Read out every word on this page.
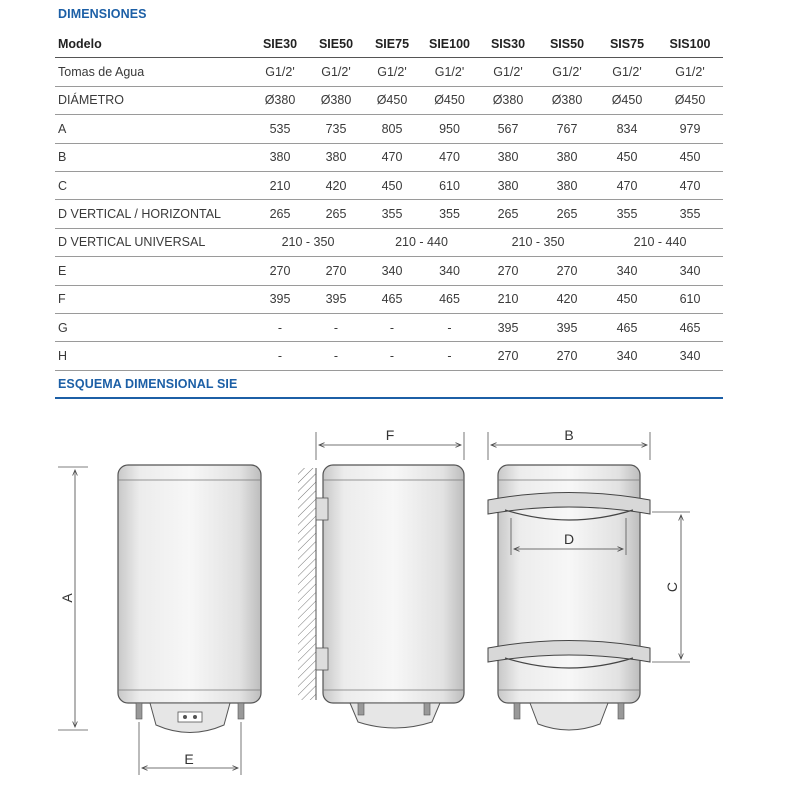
DIMENSIONES
Modelo	SIE30	SIE50	SIE75	SIE100	SIS30	SIS50	SIS75	SIS100
Tomas de Agua	G1/2'	G1/2'	G1/2'	G1/2'	G1/2'	G1/2'	G1/2'	G1/2'
DIÁMETRO	Ø380	Ø380	Ø450	Ø450	Ø380	Ø380	Ø450	Ø450
A	535	735	805	950	567	767	834	979
B	380	380	470	470	380	380	450	450
C	210	420	450	610	380	380	470	470
D VERTICAL / HORIZONTAL	265	265	355	355	265	265	355	355
D VERTICAL UNIVERSAL	210 - 350		210 - 440		210 - 350		210 - 440	
E	270	270	340	340	270	270	340	340
F	395	395	465	465	210	420	450	610
G	-	-	-	-	395	395	465	465
H	-	-	-	-	270	270	340	340
ESQUEMA DIMENSIONAL SIE
A
E
F	B
D
C
